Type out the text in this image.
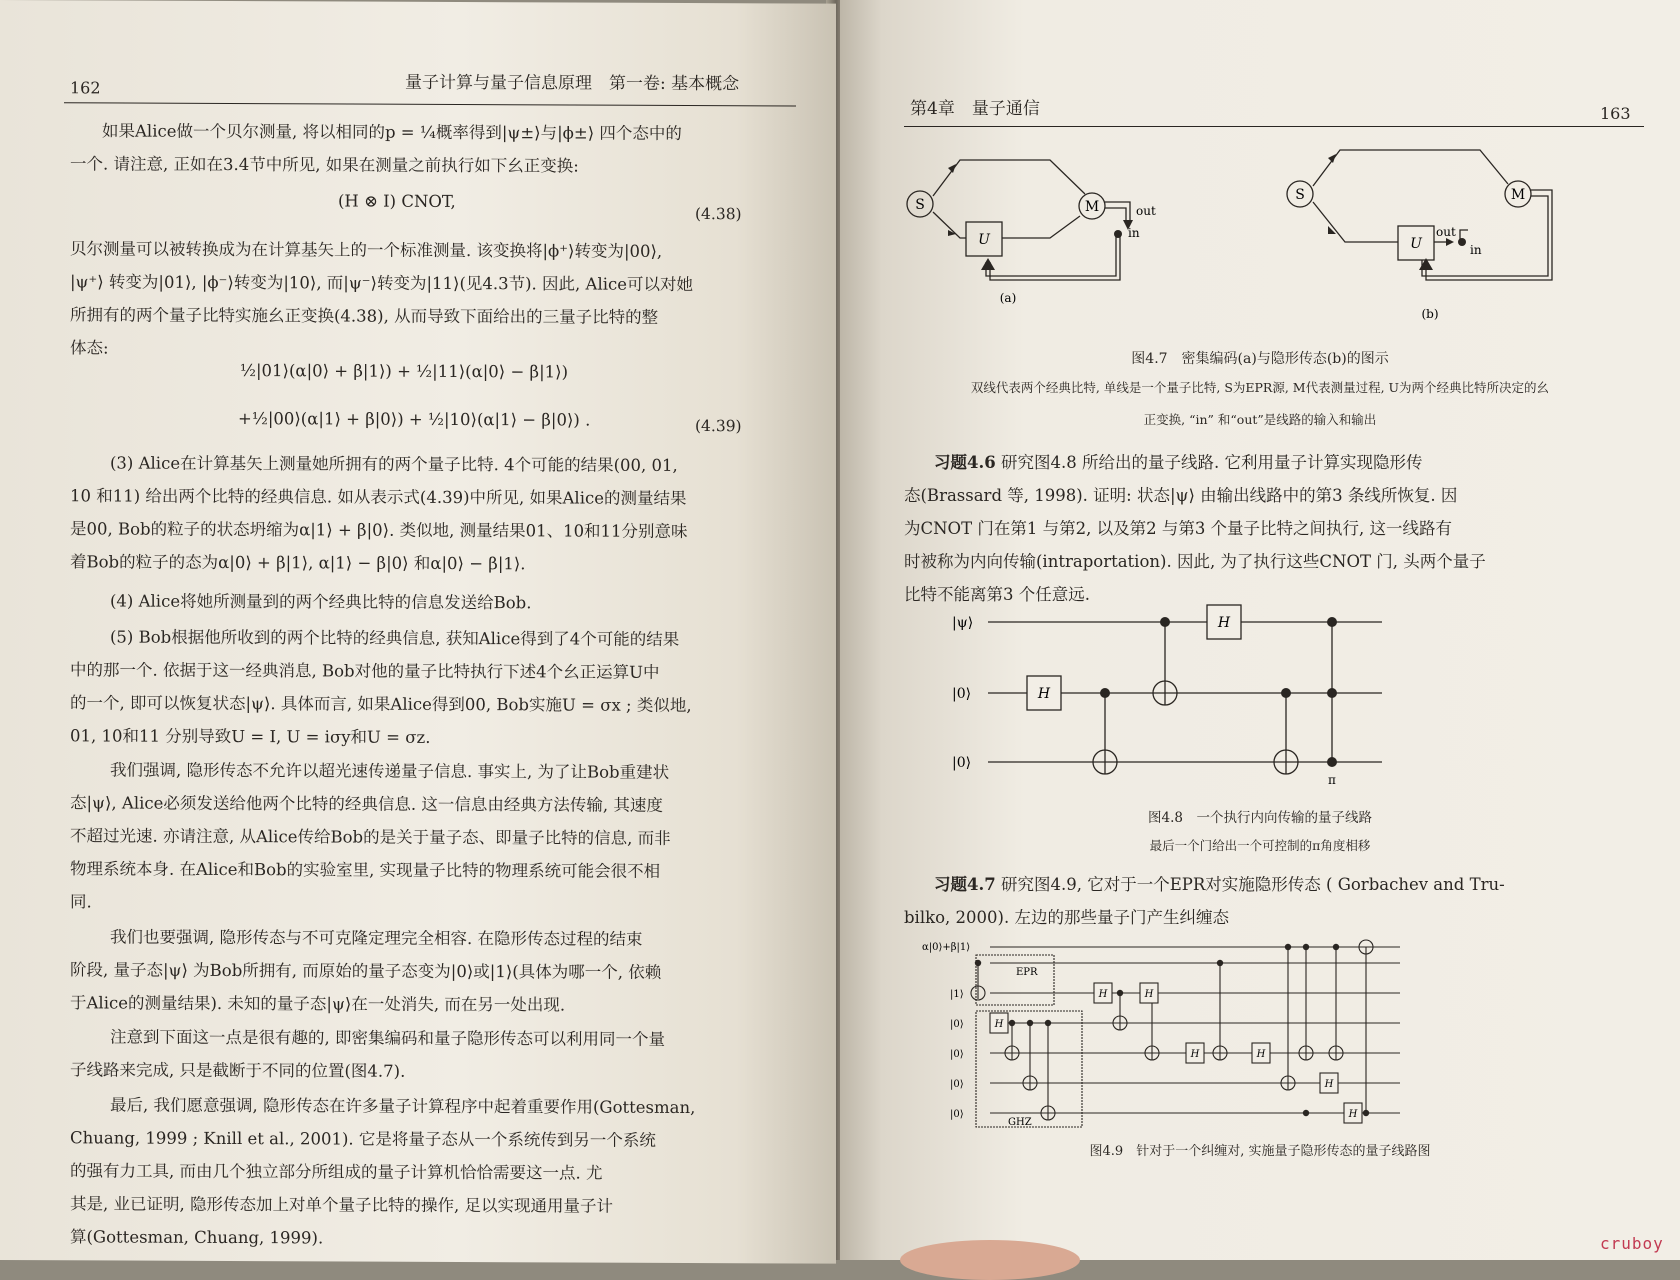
162	量子计算与量子信息原理　第一卷: 基本概念
如果Alice做一个贝尔测量, 将以相同的p = ¼概率得到|ψ±⟩与|ϕ±⟩ 四个态中的
一个. 请注意, 正如在3.4节中所见, 如果在测量之前执行如下幺正变换:
(H ⊗ I) CNOT,
(4.38)
贝尔测量可以被转换成为在计算基矢上的一个标准测量. 该变换将|ϕ⁺⟩转变为|00⟩,
|ψ⁺⟩ 转变为|01⟩, |ϕ⁻⟩转变为|10⟩, 而|ψ⁻⟩转变为|11⟩(见4.3节). 因此, Alice可以对她
所拥有的两个量子比特实施幺正变换(4.38), 从而导致下面给出的三量子比特的整
体态:
½|01⟩(α|0⟩ + β|1⟩) + ½|11⟩(α|0⟩ − β|1⟩)
+½|00⟩(α|1⟩ + β|0⟩) + ½|10⟩(α|1⟩ − β|0⟩) .	(4.39)
(3) Alice在计算基矢上测量她所拥有的两个量子比特. 4个可能的结果(00, 01,
10 和11) 给出两个比特的经典信息. 如从表示式(4.39)中所见, 如果Alice的测量结果
是00, Bob的粒子的状态坍缩为α|1⟩ + β|0⟩. 类似地, 测量结果01、10和11分别意味
着Bob的粒子的态为α|0⟩ + β|1⟩, α|1⟩ − β|0⟩ 和α|0⟩ − β|1⟩.
(4) Alice将她所测量到的两个经典比特的信息发送给Bob.
(5) Bob根据他所收到的两个比特的经典信息, 获知Alice得到了4个可能的结果
中的那一个. 依据于这一经典消息, Bob对他的量子比特执行下述4个幺正运算U中
的一个, 即可以恢复状态|ψ⟩. 具体而言, 如果Alice得到00, Bob实施U = σx ; 类似地,
01, 10和11 分别导致U = I, U = iσy和U = σz.
我们强调, 隐形传态不允许以超光速传递量子信息. 事实上, 为了让Bob重建状
态|ψ⟩, Alice必须发送给他两个比特的经典信息. 这一信息由经典方法传输, 其速度
不超过光速. 亦请注意, 从Alice传给Bob的是关于量子态、即量子比特的信息, 而非
物理系统本身. 在Alice和Bob的实验室里, 实现量子比特的物理系统可能会很不相
同.
我们也要强调, 隐形传态与不可克隆定理完全相容. 在隐形传态过程的结束
阶段, 量子态|ψ⟩ 为Bob所拥有, 而原始的量子态变为|0⟩或|1⟩(具体为哪一个, 依赖
于Alice的测量结果). 未知的量子态|ψ⟩在一处消失, 而在另一处出现.
注意到下面这一点是很有趣的, 即密集编码和量子隐形传态可以利用同一个量
子线路来完成, 只是截断于不同的位置(图4.7).
最后, 我们愿意强调, 隐形传态在许多量子计算程序中起着重要作用(Gottesman,
Chuang, 1999 ; Knill et al., 2001). 它是将量子态从一个系统传到另一个系统
的强有力工具, 而由几个独立部分所组成的量子计算机恰恰需要这一点. 尤
其是, 业已证明, 隐形传态加上对单个量子比特的操作, 足以实现通用量子计
算(Gottesman, Chuang, 1999).
第4章　量子通信	163
S
U
M	out
in
(a)
S
U
M
out
in
(b)
图4.7　密集编码(a)与隐形传态(b)的图示
双线代表两个经典比特, 单线是一个量子比特, S为EPR源, M代表测量过程, U为两个经典比特所决定的幺
正变换, “in” 和“out”是线路的输入和输出
习题4.6 研究图4.8 所给出的量子线路. 它利用量子计算实现隐形传
态(Brassard 等, 1998). 证明: 状态|ψ⟩ 由输出线路中的第3 条线所恢复. 因
为CNOT 门在第1 与第2, 以及第2 与第3 个量子比特之间执行, 这一线路有
时被称为内向传输(intraportation). 因此, 为了执行这些CNOT 门, 头两个量子
比特不能离第3 个任意远.
|ψ⟩
|0⟩
|0⟩
H
H
π
图4.8　一个执行内向传输的量子线路
最后一个门给出一个可控制的π角度相移
习题4.7 研究图4.9, 它对于一个EPR对实施隐形传态 ( Gorbachev and Tru-
bilko, 2000). 左边的那些量子门产生纠缠态
H
H	H
H	H
H
H
α|0⟩+β|1⟩
|1⟩
|0⟩
|0⟩
|0⟩
|0⟩
EPR
GHZ
图4.9　针对于一个纠缠对, 实施量子隐形传态的量子线路图
cruboy
